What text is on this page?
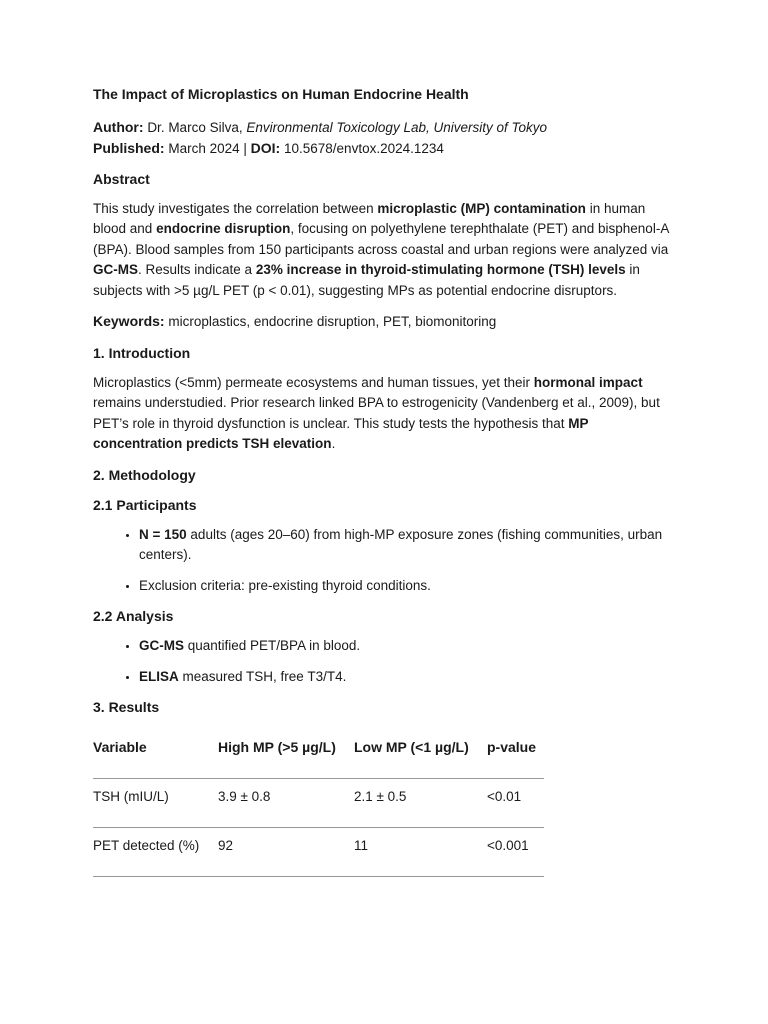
The Impact of Microplastics on Human Endocrine Health

Author: Dr. Marco Silva, Environmental Toxicology Lab, University of Tokyo
Published: March 2024 | DOI: 10.5678/envtox.2024.1234
Abstract

This study investigates the correlation between microplastic (MP) contamination in human blood and endocrine disruption, focusing on polyethylene terephthalate (PET) and bisphenol-A (BPA). Blood samples from 150 participants across coastal and urban regions were analyzed via GC-MS. Results indicate a 23% increase in thyroid-stimulating hormone (TSH) levels in subjects with >5 µg/L PET (p < 0.01), suggesting MPs as potential endocrine disruptors.

Keywords: microplastics, endocrine disruption, PET, biomonitoring

1. Introduction

Microplastics (<5mm) permeate ecosystems and human tissues, yet their hormonal impact remains understudied. Prior research linked BPA to estrogenicity (Vandenberg et al., 2009), but PET’s role in thyroid dysfunction is unclear. This study tests the hypothesis that MP concentration predicts TSH elevation.

2. Methodology
2.1 Participants
• N = 150 adults (ages 20–60) from high-MP exposure zones (fishing communities, urban centers).
• Exclusion criteria: pre-existing thyroid conditions.
2.2 Analysis
• GC-MS quantified PET/BPA in blood.
• ELISA measured TSH, free T3/T4.
3. Results
Variable	High MP (>5 µg/L)	Low MP (<1 µg/L)	p-value
TSH (mIU/L)	3.9 ± 0.8	2.1 ± 0.5	<0.01
PET detected (%)	92	11	<0.001
